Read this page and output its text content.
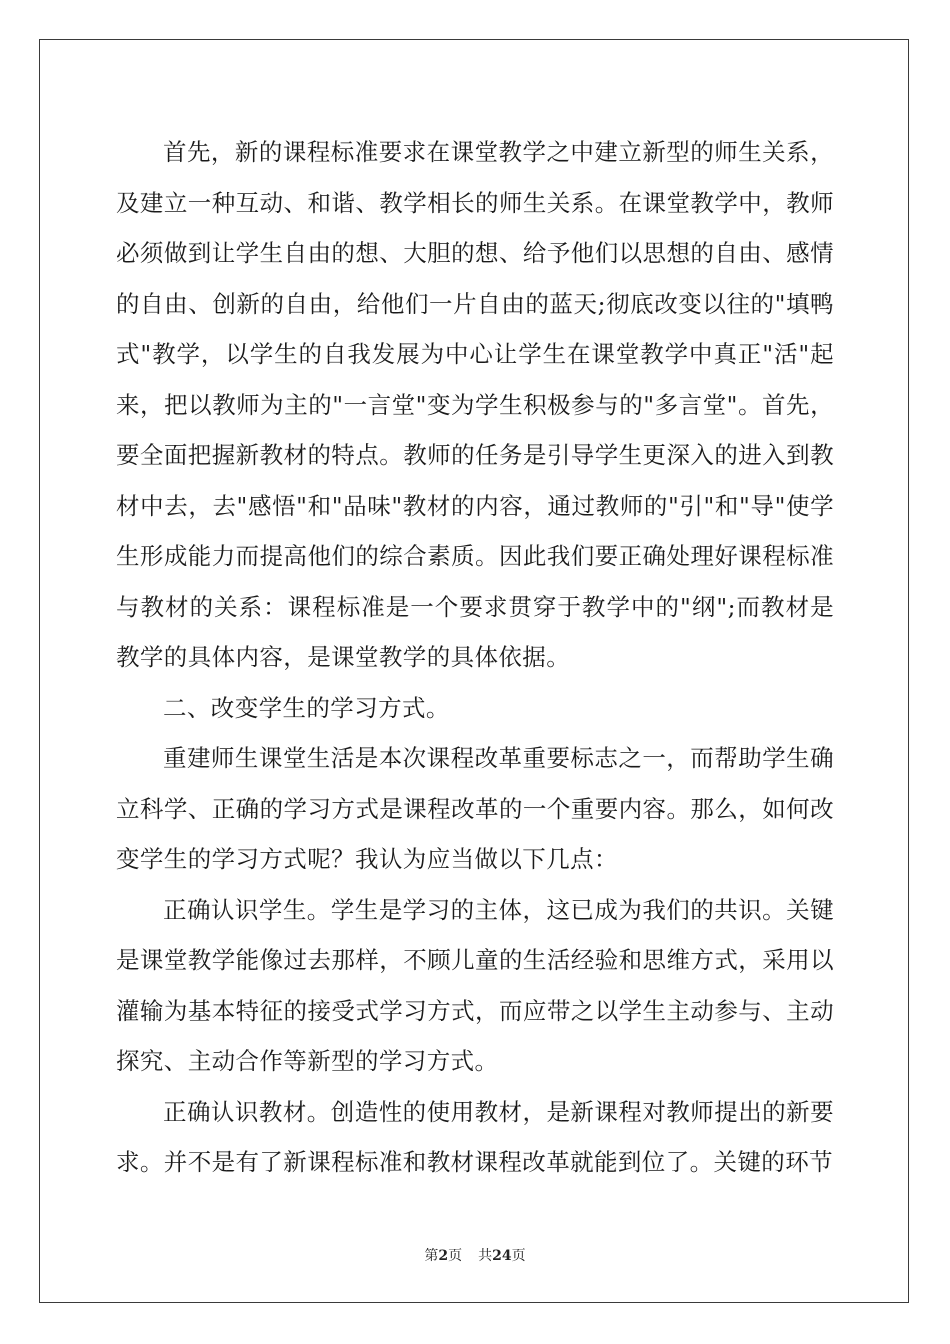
首先，新的课程标准要求在课堂教学之中建立新型的师生关系，及建立一种互动、和谐、教学相长的师生关系。在课堂教学中，教师必须做到让学生自由的想、大胆的想、给予他们以思想的自由、感情的自由、创新的自由，给他们一片自由的蓝天;彻底改变以往的"填鸭式"教学，以学生的自我发展为中心让学生在课堂教学中真正"活"起来，把以教师为主的"一言堂"变为学生积极参与的"多言堂"。首先，要全面把握新教材的特点。教师的任务是引导学生更深入的进入到教材中去，去"感悟"和"品味"教材的内容，通过教师的"引"和"导"使学生形成能力而提高他们的综合素质。因此我们要正确处理好课程标准与教材的关系：课程标准是一个要求贯穿于教学中的"纲";而教材是教学的具体内容，是课堂教学的具体依据。

二、改变学生的学习方式。

重建师生课堂生活是本次课程改革重要标志之一，而帮助学生确立科学、正确的学习方式是课程改革的一个重要内容。那么，如何改变学生的学习方式呢？我认为应当做以下几点：

正确认识学生。学生是学习的主体，这已成为我们的共识。关键是课堂教学能像过去那样，不顾儿童的生活经验和思维方式，采用以灌输为基本特征的接受式学习方式，而应带之以学生主动参与、主动探究、主动合作等新型的学习方式。

正确认识教材。创造性的使用教材，是新课程对教师提出的新要求。并不是有了新课程标准和教材课程改革就能到位了。关键的环节

第2页 共24页
